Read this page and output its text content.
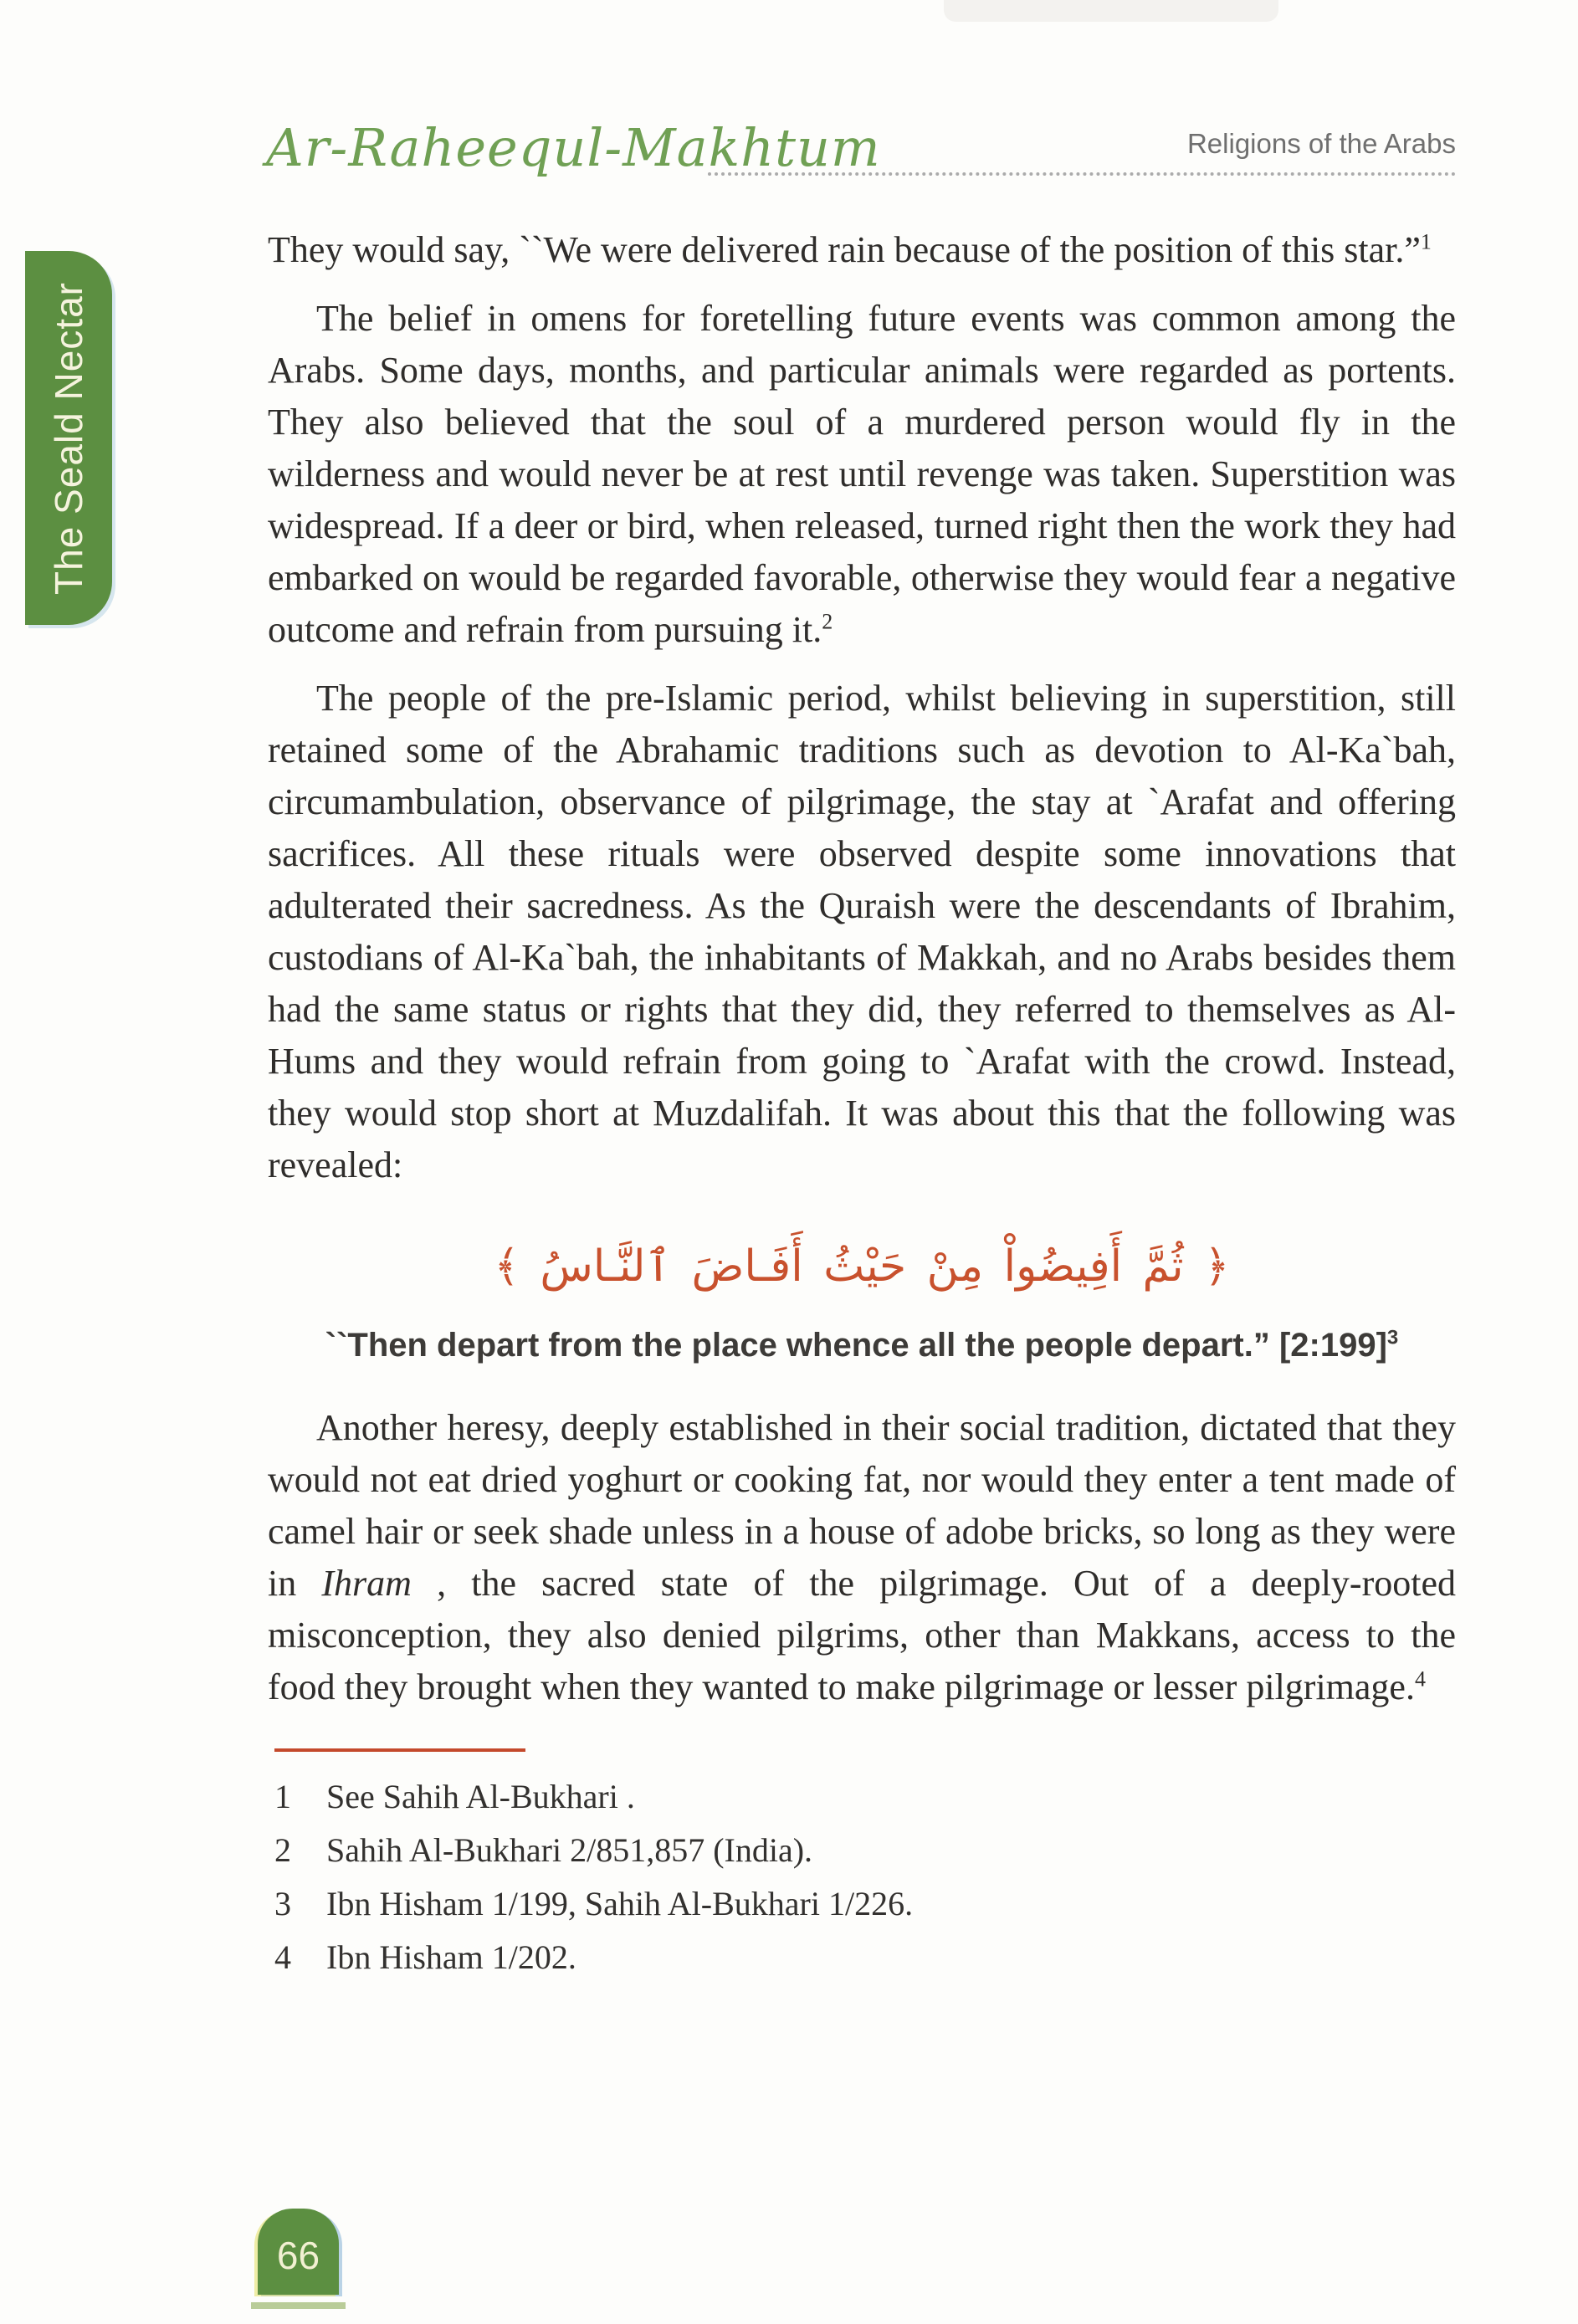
Ar-Raheequl-Makhtum	Religions of the Arabs
The Seald Nectar

They would say, ``We were delivered rain because of the position of this star.”$^1$

The belief in omens for foretelling future events was common among the Arabs. Some days, months, and particular animals were regarded as portents. They also believed that the soul of a murdered person would fly in the wilderness and would never be at rest until revenge was taken. Superstition was widespread. If a deer or bird, when released, turned right then the work they had embarked on would be regarded favorable, otherwise they would fear a negative outcome and refrain from pursuing it.$^2$

The people of the pre-Islamic period, whilst believing in superstition, still retained some of the Abrahamic traditions such as devotion to Al-Ka`bah, circumambulation, observance of pilgrimage, the stay at `Arafat and offering sacrifices. All these rituals were observed despite some innovations that adulterated their sacredness. As the Quraish were the descendants of Ibrahim, custodians of Al-Ka`bah, the inhabitants of Makkah, and no Arabs besides them had the same status or rights that they did, they referred to themselves as Al-Hums and they would refrain from going to `Arafat with the crowd. Instead, they would stop short at Muzdalifah. It was about this that the following was revealed:

﴿ ثُمَّ أَفِيضُواْ مِنْ حَيْثُ أَفَـاضَ ٱلنَّـاسُ ﴾
``Then depart from the place whence all the people depart.” [2:199]$^3$

Another heresy, deeply established in their social tradition, dictated that they would not eat dried yoghurt or cooking fat, nor would they enter a tent made of camel hair or seek shade unless in a house of adobe bricks, so long as they were in Ihram , the sacred state of the pilgrimage. Out of a deeply-rooted misconception, they also denied pilgrims, other than Makkans, access to the food they brought when they wanted to make pilgrimage or lesser pilgrimage.$^4$

1	See Sahih Al-Bukhari .
2	Sahih Al-Bukhari 2/851,857 (India).
3	Ibn Hisham 1/199, Sahih Al-Bukhari 1/226.
4	Ibn Hisham 1/202.
66
